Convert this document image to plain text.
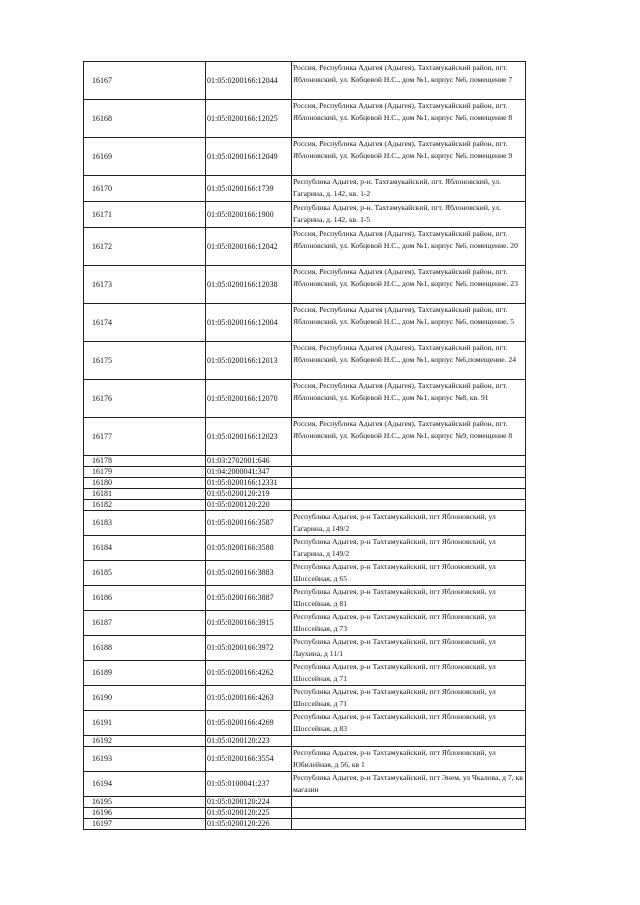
16167	01:05:0200166:12044	Россия, Республика Адыгея (Адыгея), Тахтамукайский район, пгт. Яблоновский, ул. Кобцевой Н.С., дом №1, корпус №6, помещение 7
16168	01:05:0200166:12025	Россия, Республика Адыгея (Адыгея), Тахтамукайский район, пгт. Яблоновский, ул. Кобцевой Н.С., дом №1, корпус №6, помещение 8
16169	01:05:0200166:12049	Россия, Республика Адыгея (Адыгея), Тахтамукайский район, пгт. Яблоновский, ул. Кобцевой Н.С., дом №1, корпус №6, помещение 9
16170	01:05:0200166:1739	Республика Адыгея, р-н. Тахтамукайский, пгт. Яблоновский, ул. Гагарина, д. 142, кв. 1-2
16171	01:05:0200166:1900	Республика Адыгея, р-н. Тахтамукайский, пгт. Яблоновский, ул. Гагарина, д. 142, кв. 1-5
16172	01:05:0200166:12042	Россия, Республика Адыгея (Адыгея), Тахтамукайский район, пгт. Яблоновский, ул. Кобцевой Н.С., дом №1, корпус №6, помещение. 20
16173	01:05:0200166:12038	Россия, Республика Адыгея (Адыгея), Тахтамукайский район, пгт. Яблоновский, ул. Кобцевой Н.С., дом №1, корпус №6, помещение. 23
16174	01:05:0200166:12004	Россия, Республика Адыгея (Адыгея), Тахтамукайский район, пгт. Яблоновский, ул. Кобцевой Н.С., дом №1, корпус №6, помещение. 5
16175	01:05:0200166:12013	Россия, Республика Адыгея (Адыгея), Тахтамукайский район, пгт. Яблоновский, ул. Кобцевой Н.С., дом №1, корпус №6,помещение. 24
16176	01:05:0200166:12070	Россия, Республика Адыгея (Адыгея), Тахтамукайский район, пгт. Яблоновский, ул. Кобцевой Н.С., дом №1, корпус №8, кв. 91
16177	01:05:0200166:12023	Россия, Республика Адыгея (Адыгея), Тахтамукайский район, пгт. Яблоновский, ул. Кобцевой Н.С., дом №1, корпус №9, помещение 8
16178	01:03:2702001:646	
16179	01:04:2000041:347	
16180	01:05:0200166:12331	
16181	01:05:0200120:219	
16182	01:05:0200120:220	
16183	01:05:0200166:3587	Республика Адыгея, р-н Тахтамукайский, пгт Яблоновский, ул Гагарина, д 149/2
16184	01:05:0200166:3588	Республика Адыгея, р-н Тахтамукайский, пгт Яблоновский, ул Гагарина, д 149/2
16185	01:05:0200166:3883	Республика Адыгея, р-н Тахтамукайский, пгт Яблоновский, ул Шоссейная, д 65
16186	01:05:0200166:3887	Республика Адыгея, р-н Тахтамукайский, пгт Яблоновский, ул Шоссейная, д 81
16187	01:05:0200166:3915	Республика Адыгея, р-н Тахтамукайский, пгт Яблоновский, ул Шоссейная, д 73
16188	01:05:0200166:3972	Республика Адыгея, р-н Тахтамукайский, пгт Яблоновский, ул Лаухина, д 11/1
16189	01:05:0200166:4262	Республика Адыгея, р-н Тахтамукайский, пгт Яблоновский, ул Шоссейная, д 71
16190	01:05:0200166:4263	Республика Адыгея, р-н Тахтамукайский, пгт Яблоновский, ул Шоссейная, д 71
16191	01:05:0200166:4269	Республика Адыгея, р-н Тахтамукайский, пгт Яблоновский, ул Шоссейная, д 83
16192	01:05:0200120:223	
16193	01:05:0200166:3554	Республика Адыгея, р-н Тахтамукайский, пгт Яблоновский, ул Юбилейная, д 56, кв 1
16194	01:05:0100041:237	Республика Адыгея, р-н Тахтамукайский, пгт Энем, ул Чкалова, д 7, кв магазин
16195	01:05:0200120:224	
16196	01:05:0200120:225	
16197	01:05:0200120:226	
